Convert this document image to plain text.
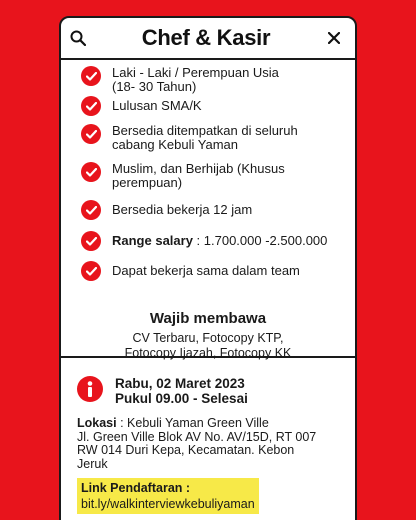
Chef & Kasir
Laki - Laki / Perempuan Usia
(18- 30 Tahun)
Lulusan SMA/K
Bersedia ditempatkan di seluruh
cabang Kebuli Yaman
Muslim, dan Berhijab (Khusus
perempuan)
Bersedia bekerja 12 jam
Range salary : 1.700.000 -2.500.000
Dapat bekerja sama dalam team
Wajib membawa
CV Terbaru, Fotocopy KTP,
Fotocopy Ijazah, Fotocopy KK
Rabu, 02 Maret 2023
Pukul 09.00 - Selesai
Lokasi : Kebuli Yaman Green Ville
Jl. Green Ville Blok AV No. AV/15D, RT 007
RW 014 Duri Kepa, Kecamatan. Kebon
Jeruk
Link Pendaftaran :
bit.ly/walkinterviewkebuliyaman
